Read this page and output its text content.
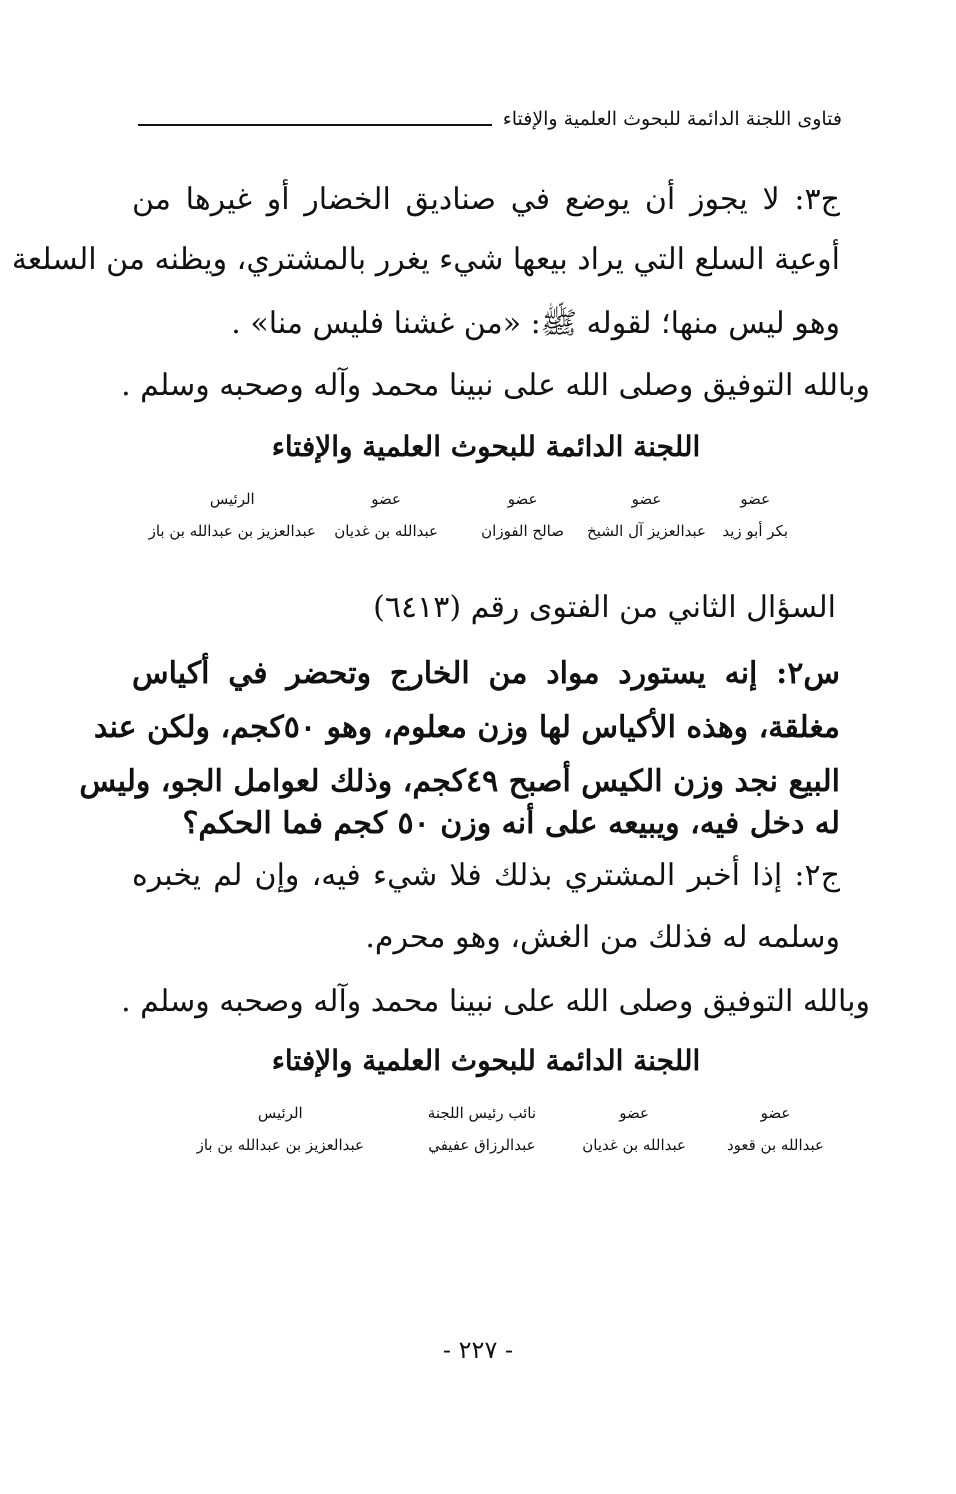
فتاوى اللجنة الدائمة للبحوث العلمية والإفتاء
ج٣: لا يجوز أن يوضع في صناديق الخضار أو غيرها من
أوعية السلع التي يراد بيعها شيء يغرر بالمشتري، ويظنه من السلعة
وهو ليس منها؛ لقوله ﷺ: «من غشنا فليس منا» .
وبالله التوفيق وصلى الله على نبينا محمد وآله وصحبه وسلم .
اللجنة الدائمة للبحوث العلمية والإفتاء
عضو
بكر أبو زيد
عضو
عبدالعزيز آل الشيخ
عضو
صالح الفوزان
عضو
عبدالله بن غديان
الرئيس
عبدالعزيز بن عبدالله بن باز
السؤال الثاني من الفتوى رقم (٦٤١٣)
س٢: إنه يستورد مواد من الخارج وتحضر في أكياس
مغلقة، وهذه الأكياس لها وزن معلوم، وهو ٥٠كجم، ولكن عند
البيع نجد وزن الكيس أصبح ٤٩كجم، وذلك لعوامل الجو، وليس
له دخل فيه، ويبيعه على أنه وزن ٥٠ كجم فما الحكم؟
ج٢: إذا أخبر المشتري بذلك فلا شيء فيه، وإن لم يخبره
وسلمه له فذلك من الغش، وهو محرم.
وبالله التوفيق وصلى الله على نبينا محمد وآله وصحبه وسلم .
اللجنة الدائمة للبحوث العلمية والإفتاء
عضو
عبدالله بن قعود
عضو
عبدالله بن غديان
نائب رئيس اللجنة
عبدالرزاق عفيفي
الرئيس
عبدالعزيز بن عبدالله بن باز
- ٢٢٧ -
